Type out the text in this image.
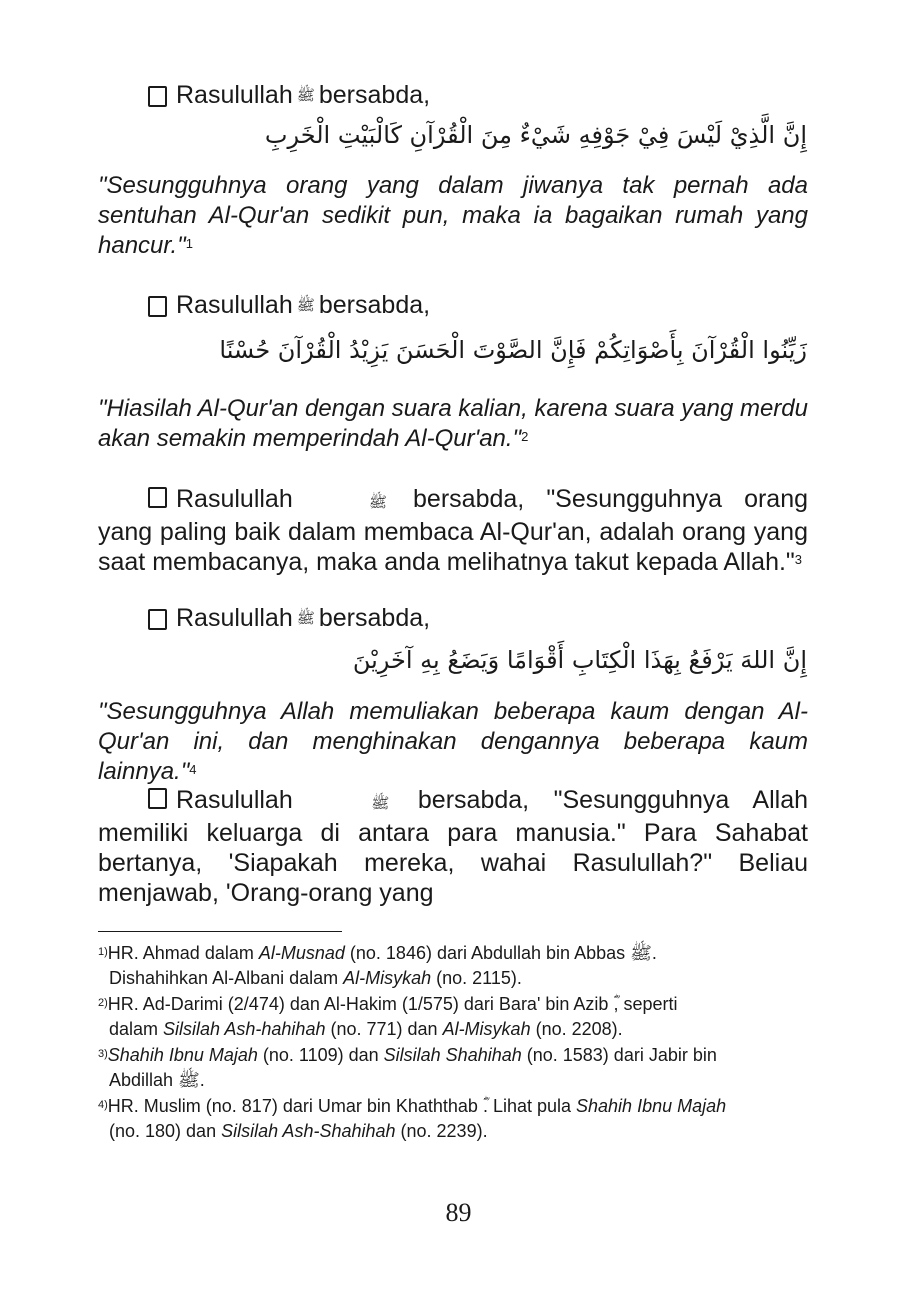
Rasulullah ﷺ bersabda,
إِنَّ الَّذِيْ لَيْسَ فِيْ جَوْفِهِ شَيْءٌ مِنَ الْقُرْآنِ كَالْبَيْتِ الْخَرِبِ
"Sesungguhnya orang yang dalam jiwanya tak pernah ada sentuhan Al-Qur'an sedikit pun, maka ia bagaikan rumah yang hancur."$^1$
Rasulullah ﷺ bersabda,
زَيِّنُوا الْقُرْآنَ بِأَصْوَاتِكُمْ فَإِنَّ الصَّوْتَ الْحَسَنَ يَزِيْدُ الْقُرْآنَ حُسْنًا
"Hiasilah Al-Qur'an dengan suara kalian, karena suara yang merdu akan semakin memperindah Al-Qur'an."$^2$
Rasulullah	ﷺ bersabda, "Sesungguhnya orang yang paling baik dalam membaca Al-Qur'an, adalah orang yang saat membacanya, maka anda melihatnya takut kepada Allah."$^3$
Rasulullah ﷺ bersabda,
إِنَّ اللهَ يَرْفَعُ بِهَذَا الْكِتَابِ أَقْوَامًا وَيَضَعُ بِهِ آخَرِيْنَ
"Sesungguhnya Allah memuliakan beberapa kaum dengan Al-Qur'an ini, dan menghinakan dengannya beberapa kaum lainnya."$^4$
Rasulullah	ﷺ bersabda, "Sesungguhnya Allah memiliki keluarga di antara para manusia." Para Sahabat bertanya, 'Siapakah mereka, wahai Rasulullah?" Beliau menjawab, 'Orang-orang yang
$^{1)}$HR. Ahmad dalam Al-Musnad (no. 1846) dari Abdullah bin Abbas ﷺ.
Dishahihkan Al-Albani dalam Al-Misykah (no. 2115).
$^{2)}$HR. Ad-Darimi (2/474) dan Al-Hakim (1/575) dari Bara' bin Azib , seperti
dalam Silsilah Ash-hahihah (no. 771) dan Al-Misykah (no. 2208).
$^{3)}$Shahih Ibnu Majah (no. 1109) dan Silsilah Shahihah (no. 1583) dari Jabir bin
Abdillah ﷺ.
$^{4)}$HR. Muslim (no. 817) dari Umar bin Khaththab . Lihat pula Shahih Ibnu Majah
(no. 180) dan Silsilah Ash-Shahihah (no. 2239).
89
